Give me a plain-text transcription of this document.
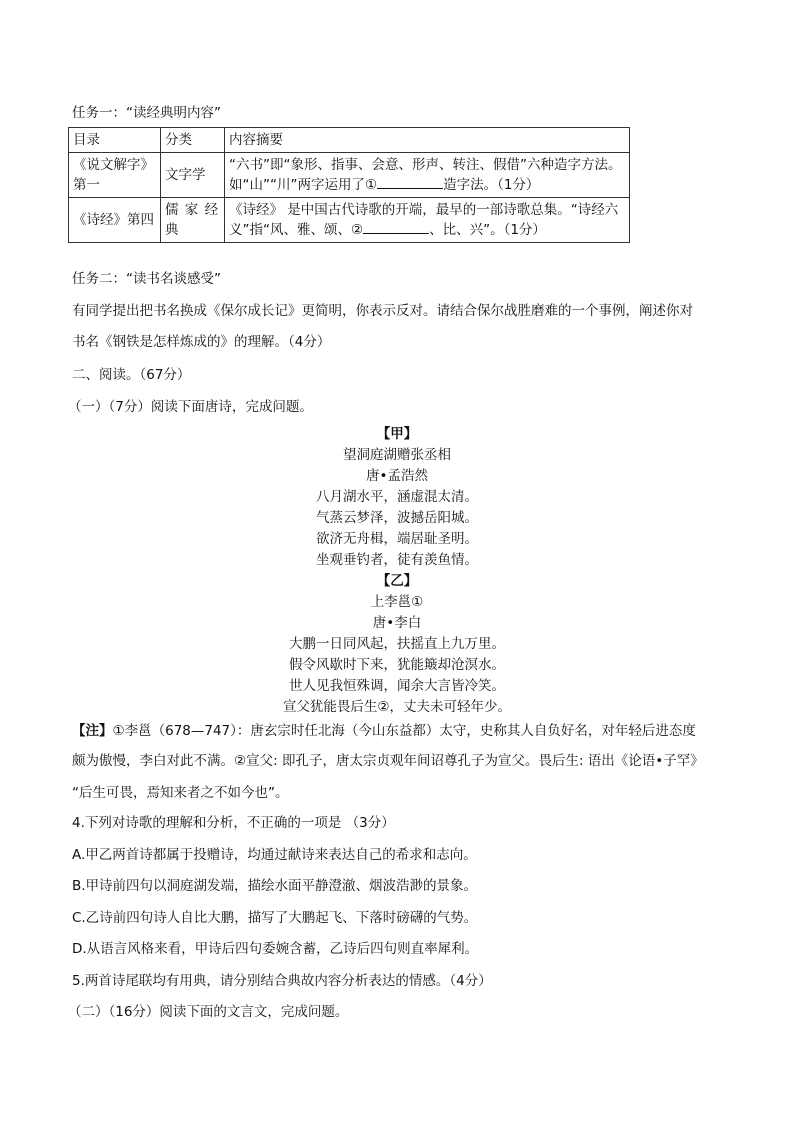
任务一：“读经典明内容”
目录	分类	内容摘要
《说文解字》第一	文字学	“六书”即“象形、指事、会意、形声、转注、假借”六种造字方法。如“山”“川”两字运用了① 造字法。（1分）
《诗经》第四	儒 家 经典	《诗经》 是中国古代诗歌的开端，最早的一部诗歌总集。“诗经六义”指“风、雅、颂、② 、比、兴”。（1分）
任务二：“读书名谈感受”
有同学提出把书名换成《保尔成长记》更简明，你表示反对。请结合保尔战胜磨难的一个事例，阐述你对
书名《钢铁是怎样炼成的》的理解。（4分）
二、阅读。（67分）
（一）（7分）阅读下面唐诗，完成问题。
【甲】
望洞庭湖赠张丞相
唐•孟浩然
八月湖水平，涵虚混太清。
气蒸云梦泽，波撼岳阳城。
欲济无舟楫，端居耻圣明。
坐观垂钓者，徒有羡鱼情。
【乙】
上李邕①
唐•李白
大鹏一日同风起，扶摇直上九万里。
假令风歇时下来，犹能簸却沧溟水。
世人见我恒殊调，闻余大言皆冷笑。
宣父犹能畏后生②，丈夫未可轻年少。
【注】①李邕（678—747）：唐玄宗时任北海（今山东益都）太守，史称其人自负好名，对年轻后进态度
颇为傲慢，李白对此不满。②宣父: 即孔子，唐太宗贞观年间诏尊孔子为宣父。畏后生: 语出《论语•子罕》
“后生可畏，焉知来者之不如今也”。
4.下列对诗歌的理解和分析，不正确的一项是 （3分）
A.甲乙两首诗都属于投赠诗，均通过献诗来表达自己的希求和志向。
B.甲诗前四句以洞庭湖发端，描绘水面平静澄澈、烟波浩渺的景象。
C.乙诗前四句诗人自比大鹏，描写了大鹏起飞、下落时磅礴的气势。
D.从语言风格来看，甲诗后四句委婉含蓄，乙诗后四句则直率犀利。
5.两首诗尾联均有用典，请分别结合典故内容分析表达的情感。（4分）
（二）（16分）阅读下面的文言文，完成问题。
